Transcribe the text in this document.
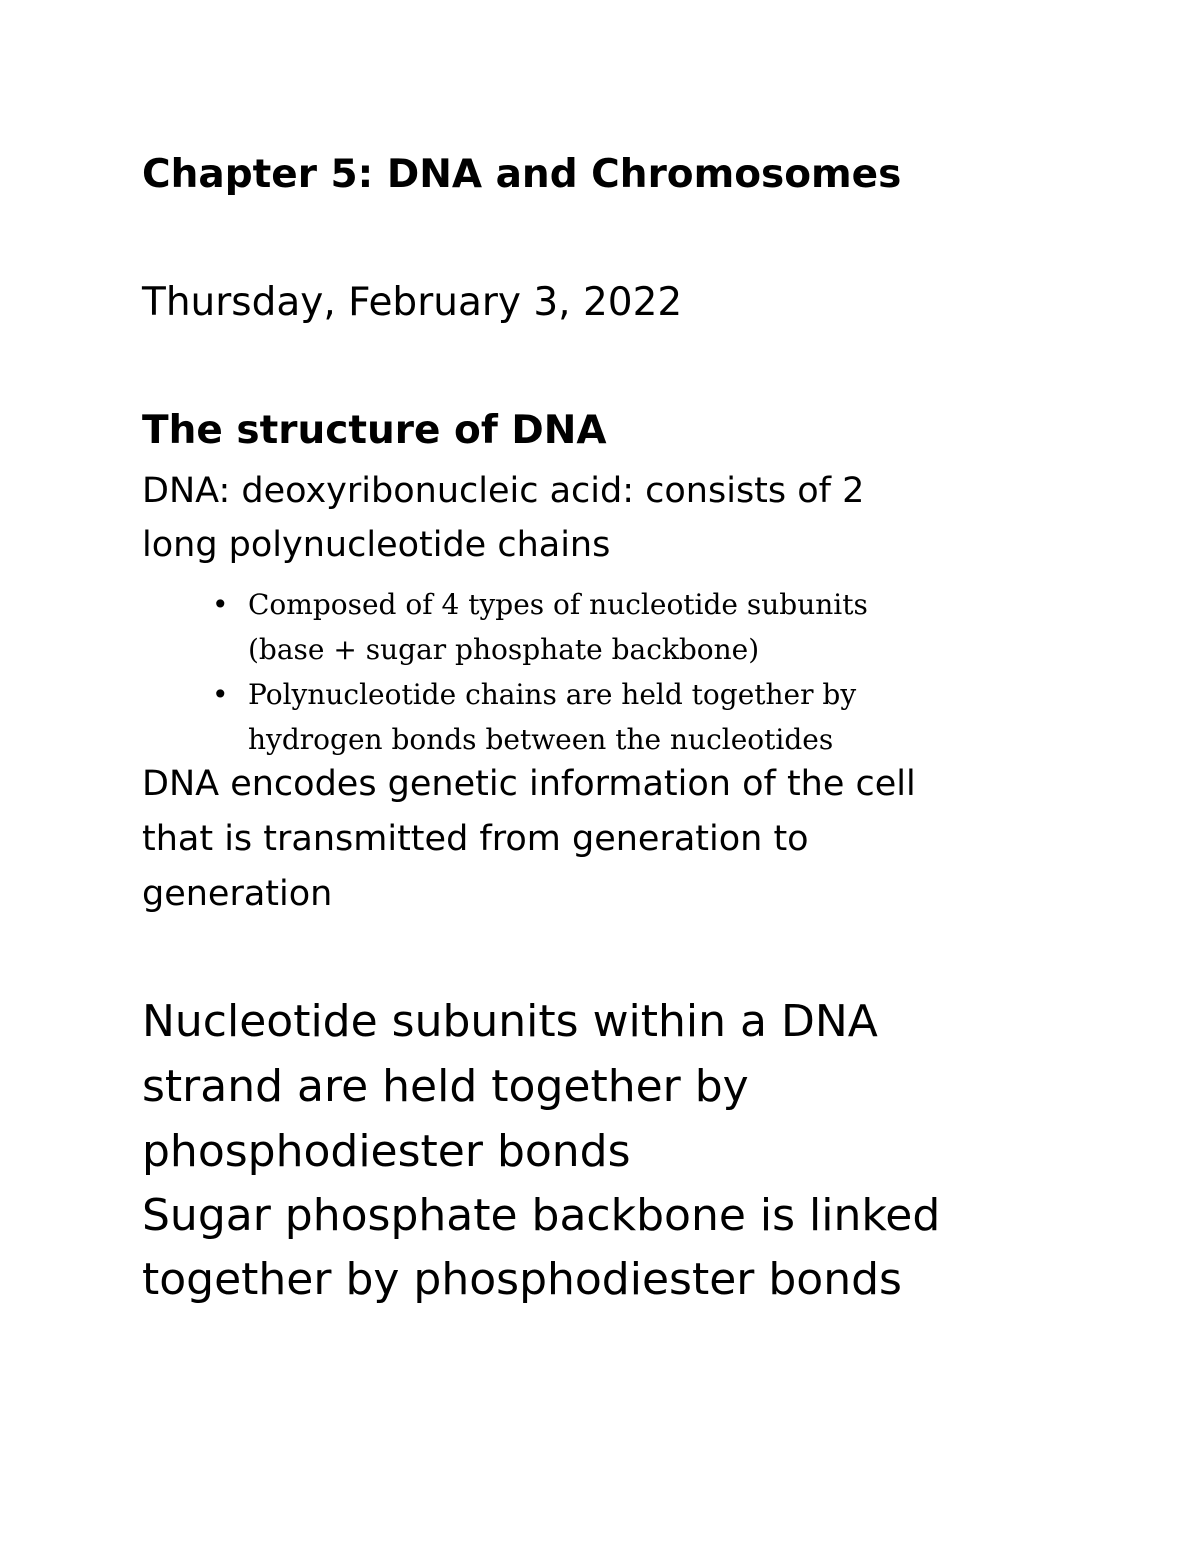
Chapter 5: DNA and Chromosomes
Thursday, February 3, 2022
The structure of DNA
DNA: deoxyribonucleic acid: consists of 2
long polynucleotide chains
• Composed of 4 types of nucleotide subunits
(base + sugar phosphate backbone)
• Polynucleotide chains are held together by
hydrogen bonds between the nucleotides
DNA encodes genetic information of the cell
that is transmitted from generation to
generation
Nucleotide subunits within a DNA
strand are held together by
phosphodiester bonds
Sugar phosphate backbone is linked
together by phosphodiester bonds
